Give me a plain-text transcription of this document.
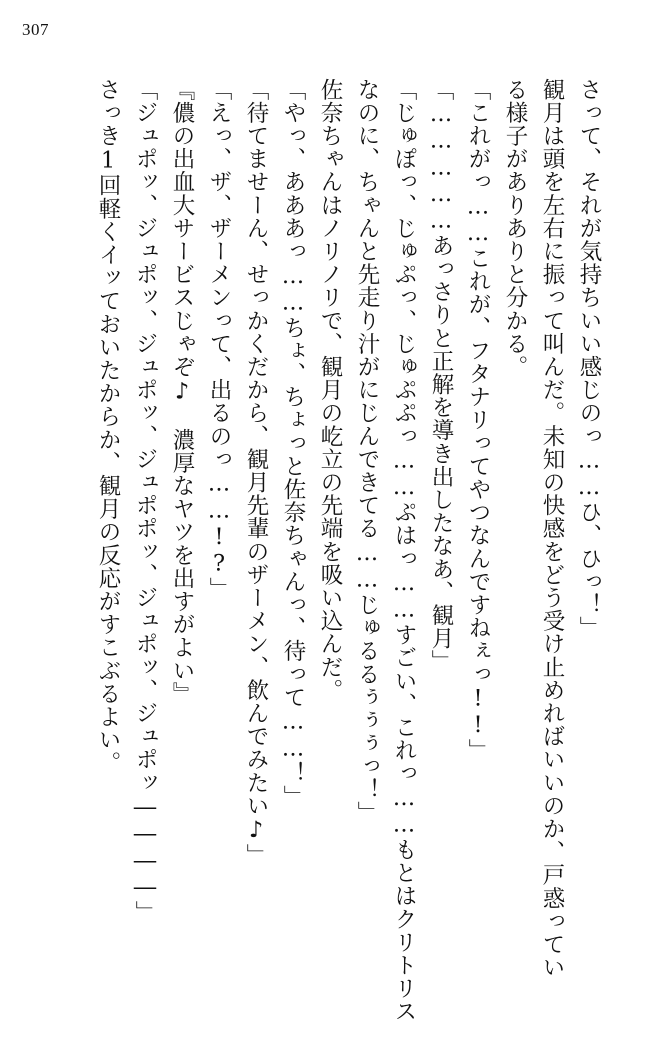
307
さって、それが気持ちいい感じのっ……ひ、ひっ！」
観月は頭を左右に振って叫んだ。未知の快感をどう受け止めればいいのか、戸惑ってい
る様子がありありと分かる。
「これがっ……これが、フタナリってやつなんですねぇっ!!」
「……………あっさりと正解を導き出したなあ、観月」
「じゅぽっ、じゅぷっ、じゅぷぷっ……ぷはっ……すごい、これっ……もとはクリトリス
なのに、ちゃんと先走り汁がにじんできてる……じゅるるぅぅぅっ！」
佐奈ちゃんはノリノリで、観月の屹立の先端を吸い込んだ。
「やっ、あああっ……ちょ、ちょっと佐奈ちゃんっ、待って……！」
「待てませーん、せっかくだから、観月先輩のザーメン、飲んでみたい♪」
「えっ、ザ、ザーメンって、出るのっ……!?」
『儂の出血大サービスじゃぞ♪　濃厚なヤツを出すがよい』
「ジュポッ、ジュポッ、ジュポッ、ジュポポッ、ジュポッ、ジュポッ――――」
さっき1回軽くイッておいたからか、観月の反応がすこぶるよい。
